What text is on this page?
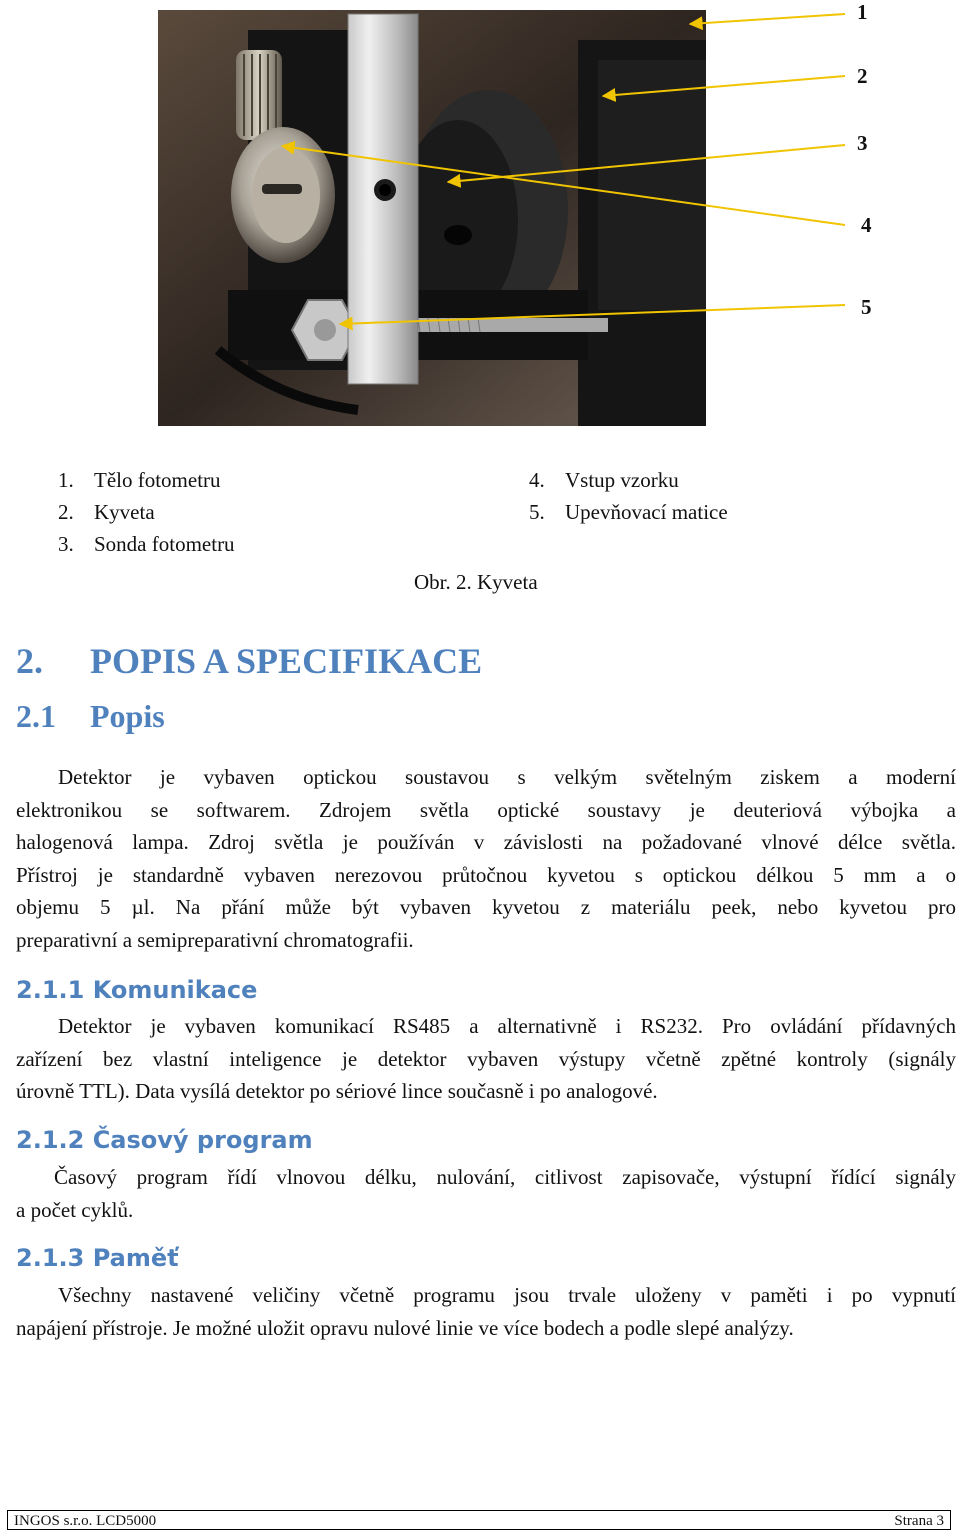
1
2
3
4
5
1. Tělo fotometru
2. Kyveta
3. Sonda fotometru
4. Vstup vzorku
5. Upevňovací matice
Obr. 2. Kyveta
2. POPIS A SPECIFIKACE
2.1 Popis
Detektor je vybaven optickou soustavou s velkým světelným ziskem a moderní
elektronikou se softwarem. Zdrojem světla optické soustavy je deuteriová výbojka a
halogenová lampa. Zdroj světla je používán v závislosti na požadované vlnové délce světla.
Přístroj je standardně vybaven nerezovou průtočnou kyvetou s optickou délkou 5 mm a o
objemu 5 µl. Na přání může být vybaven kyvetou z materiálu peek, nebo kyvetou pro
preparativní a semipreparativní chromatografii.
2.1.1 Komunikace
Detektor je vybaven komunikací RS485 a alternativně i RS232. Pro ovládání přídavných
zařízení bez vlastní inteligence je detektor vybaven výstupy včetně zpětné kontroly (signály
úrovně TTL). Data vysílá detektor po sériové lince současně i po analogové.
2.1.2 Časový program
Časový program řídí vlnovou délku, nulování, citlivost zapisovače, výstupní řídící signály
a počet cyklů.
2.1.3 Paměť
Všechny nastavené veličiny včetně programu jsou trvale uloženy v paměti i po vypnutí
napájení přístroje. Je možné uložit opravu nulové linie ve více bodech a podle slepé analýzy.
INGOS s.r.o. LCD5000	Strana 3
